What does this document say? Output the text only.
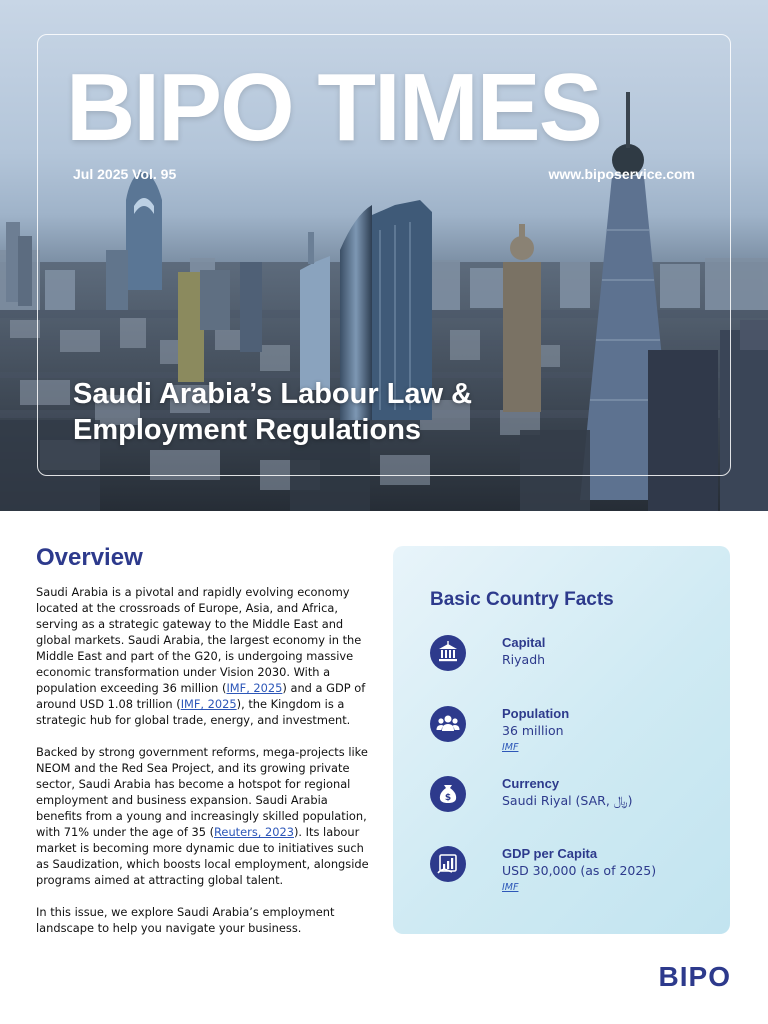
BIPO TIMES
Jul 2025 Vol. 95	www.biposervice.com
Saudi Arabia’s Labour Law &
Employment Regulations
Overview

Saudi Arabia is a pivotal and rapidly evolving economy located at the crossroads of Europe, Asia, and Africa, serving as a strategic gateway to the Middle East and global markets. Saudi Arabia, the largest economy in the Middle East and part of the G20, is undergoing massive economic transformation under Vision 2030. With a population exceeding 36 million (IMF, 2025) and a GDP of around USD 1.08 trillion (IMF, 2025), the Kingdom is a strategic hub for global trade, energy, and investment.

Backed by strong government reforms, mega-projects like NEOM and the Red Sea Project, and its growing private sector, Saudi Arabia has become a hotspot for regional employment and business expansion. Saudi Arabia benefits from a young and increasingly skilled population, with 71% under the age of 35 (Reuters, 2023). Its labour market is becoming more dynamic due to initiatives such as Saudization, which boosts local employment, alongside programs aimed at attracting global talent.

In this issue, we explore Saudi Arabia’s employment landscape to help you navigate your business.

Basic Country Facts
Capital
Riyadh
Population
36 million
IMF
$
Currency
Saudi Riyal (SAR, ﷼)
GDP per Capita
USD 30,000 (as of 2025)
IMF
BIPO
